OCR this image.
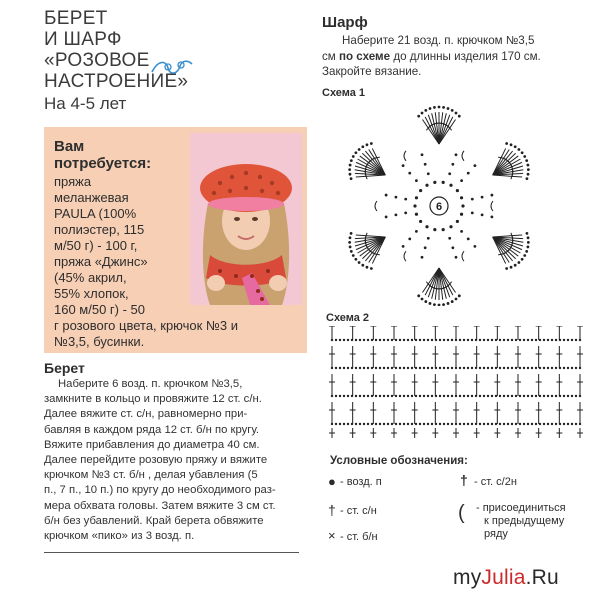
БЕРЕТ
И ШАРФ
«РОЗОВОЕ
НАСТРОЕНИЕ»
На 4-5 лет
Вам
потребуется:
пряжа
меланжевая
PAULA (100%
полиэстер, 115
м/50 г) - 100 г,
пряжа «Джинс»
(45% акрил,
55% хлопок,
160 м/50 г) - 50
г розового цвета, крючок №3 и
№3,5, бусинки.
Берет
Наберите 6 возд. п. крючком №3,5,
замкните в кольцо и провяжите 12 ст. с/н.
Далее вяжите ст. с/н, равномерно при-
бавляя в каждом ряда 12 ст. б/н по кругу.
Вяжите прибавления до диаметра 40 см.
Далее перейдите розовую пряжу и вяжите
крючком №3 ст. б/н , делая убавления (5
п., 7 п., 10 п.) по кругу до необходимого раз-
мера обхвата головы. Затем вяжите 3 см ст.
б/н без убавлений. Край берета обвяжите
крючком «пико» из 3 возд. п.
Шарф
Наберите 21 возд. п. крючком №3,5
см по схеме до длинны изделия 170 см.
Закройте вязание.
Схема 1
6
Схема 2
Условные обозначения:
● - возд. п	† - ст. с/2н
† - ст. с/н	( - присоединиться
к предыдущему
ряду
× - ст. б/н
myJulia.Ru
